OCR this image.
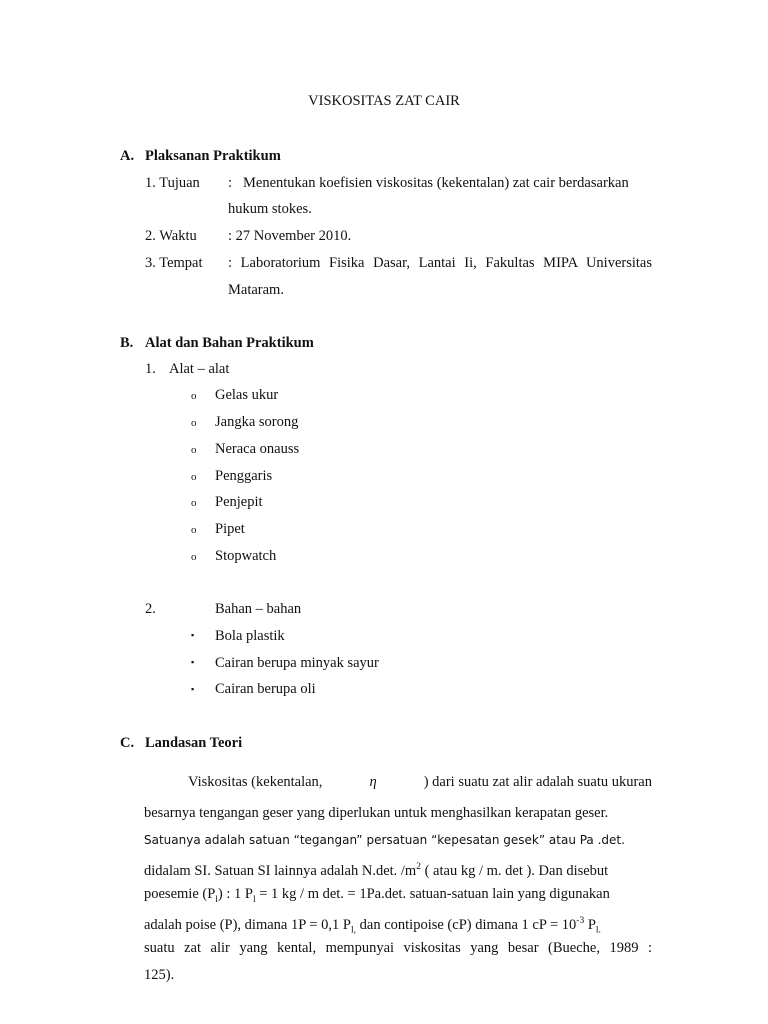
VISKOSITAS ZAT CAIR
A. Plaksanan Praktikum
1. Tujuan : Menentukan koefisien viskositas (kekentalan) zat cair berdasarkan
hukum stokes.
2. Waktu : 27 November 2010.
3. Tempat : Laboratorium Fisika Dasar, Lantai Ii, Fakultas MIPA Universitas
Mataram.
B. Alat dan Bahan Praktikum
1. Alat – alat
o Gelas ukur
o Jangka sorong
o Neraca onauss
o Penggaris
o Penjepit
o Pipet
o Stopwatch
2.	Bahan – bahan
▪ Bola plastik
▪ Cairan berupa minyak sayur
▪ Cairan berupa oli
C. Landasan Teori
Viskositas (kekentalan,	η	) dari suatu zat alir adalah suatu ukuran
besarnya tengangan geser yang diperlukan untuk menghasilkan kerapatan geser.
Satuanya adalah satuan “tegangan” persatuan “kepesatan gesek” atau Pa .det.
didalam SI. Satuan SI lainnya adalah N.det. $/m^2$ ( atau kg / m. det ). Dan disebut
poesemie $(P_l)$ : 1 $P_l = 1$ kg / m det. = 1Pa.det. satuan-satuan lain yang digunakan
adalah poise (P), dimana 1P = 0,1 $P_{l,}$ dan contipoise (cP) dimana 1 cP = $10^{-3}$ $P_{l.}$
suatu zat alir yang kental, mempunyai viskositas yang besar (Bueche, 1989 :
125).
